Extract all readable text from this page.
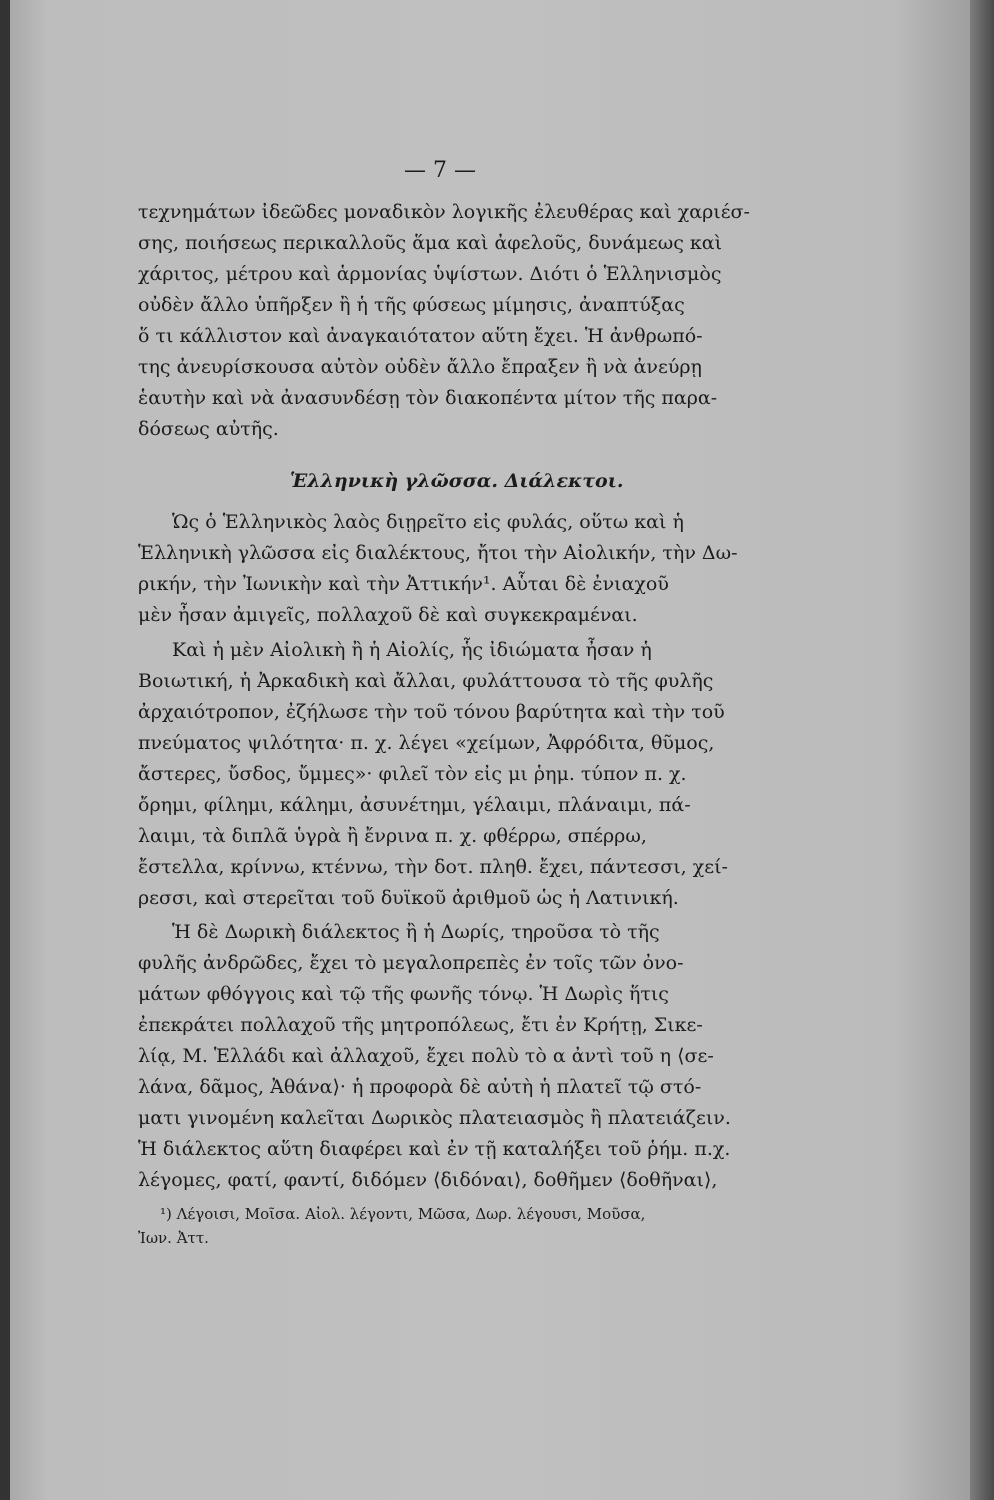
— 7 —
τεχνημάτων ἰδεῶδες μοναδικὸν λογικῆς ἐλευθέρας καὶ χαριέσ-
σης, ποιήσεως περικαλλοῦς ἅμα καὶ ἀφελοῦς, δυνάμεως καὶ
χάριτος, μέτρου καὶ ἁρμονίας ὑψίστων. Διότι ὁ Ἑλληνισμὸς
οὐδὲν ἄλλο ὑπῆρξεν ἢ ἡ τῆς φύσεως μίμησις, ἀναπτύξας
ὅ τι κάλλιστον καὶ ἀναγκαιότατον αὕτη ἔχει. Ἡ ἀνθρωπό-
της ἀνευρίσκουσα αὐτὸν οὐδὲν ἄλλο ἔπραξεν ἢ νὰ ἀνεύρῃ
ἑαυτὴν καὶ νὰ ἀνασυνδέσῃ τὸν διακοπέντα μίτον τῆς παρα-
δόσεως αὐτῆς.
Ἑλληνικὴ γλῶσσα. Διάλεκτοι.
Ὡς ὁ Ἑλληνικὸς λαὸς διῃρεῖτο εἰς φυλάς, οὕτω καὶ ἡ
Ἑλληνικὴ γλῶσσα εἰς διαλέκτους, ἤτοι τὴν Αἰολικήν, τὴν Δω-
ρικήν, τὴν Ἰωνικὴν καὶ τὴν Ἀττικήν¹. Αὗται δὲ ἐνιαχοῦ
μὲν ἦσαν ἀμιγεῖς, πολλαχοῦ δὲ καὶ συγκεκραμέναι.
Καὶ ἡ μὲν Αἰολικὴ ἢ ἡ Αἰολίς, ἧς ἰδιώματα ἦσαν ἡ
Βοιωτική, ἡ Ἀρκαδικὴ καὶ ἄλλαι, φυλάττουσα τὸ τῆς φυλῆς
ἀρχαιότροπον, ἐζήλωσε τὴν τοῦ τόνου βαρύτητα καὶ τὴν τοῦ
πνεύματος ψιλότητα· π. χ. λέγει «χείμων, Ἀφρόδιτα, θῦμος,
ἄστερες, ὔσδος, ὔμμες»· φιλεῖ τὸν εἰς μι ῥημ. τύπον π. χ.
ὄρημι, φίλημι, κάλημι, ἀσυνέτημι, γέλαιμι, πλάναιμι, πά-
λαιμι, τὰ διπλᾶ ὑγρὰ ἢ ἔνρινα π. χ. φθέρρω, σπέρρω,
ἔστελλα, κρίννω, κτέννω, τὴν δοτ. πληθ. ἔχει, πάντεσσι, χεί-
ρεσσι, καὶ στερεῖται τοῦ δυϊκοῦ ἀριθμοῦ ὡς ἡ Λατινική.
Ἡ δὲ Δωρικὴ διάλεκτος ἢ ἡ Δωρίς, τηροῦσα τὸ τῆς
φυλῆς ἀνδρῶδες, ἔχει τὸ μεγαλοπρεπὲς ἐν τοῖς τῶν ὀνο-
μάτων φθόγγοις καὶ τῷ τῆς φωνῆς τόνῳ. Ἡ Δωρὶς ἥτις
ἐπεκράτει πολλαχοῦ τῆς μητροπόλεως, ἔτι ἐν Κρήτῃ, Σικε-
λίᾳ, Μ. Ἑλλάδι καὶ ἀλλαχοῦ, ἔχει πολὺ τὸ α ἀντὶ τοῦ η ⟨σε-
λάνα, δᾶμος, Ἀθάνα⟩· ἡ προφορὰ δὲ αὐτὴ ἡ πλατεῖ τῷ στό-
ματι γινομένη καλεῖται Δωρικὸς πλατειασμὸς ἢ πλατειάζειν.
Ἡ διάλεκτος αὕτη διαφέρει καὶ ἐν τῇ καταλήξει τοῦ ῥήμ. π.χ.
λέγομες, φατί, φαντί, διδόμεν ⟨διδόναι⟩, δοθῆμεν ⟨δοθῆναι⟩,
¹) Λέγοισι, Μοῖσα. Αἰολ. λέγοντι, Μῶσα, Δωρ. λέγουσι, Μοῦσα,
Ἰων. Ἀττ.
